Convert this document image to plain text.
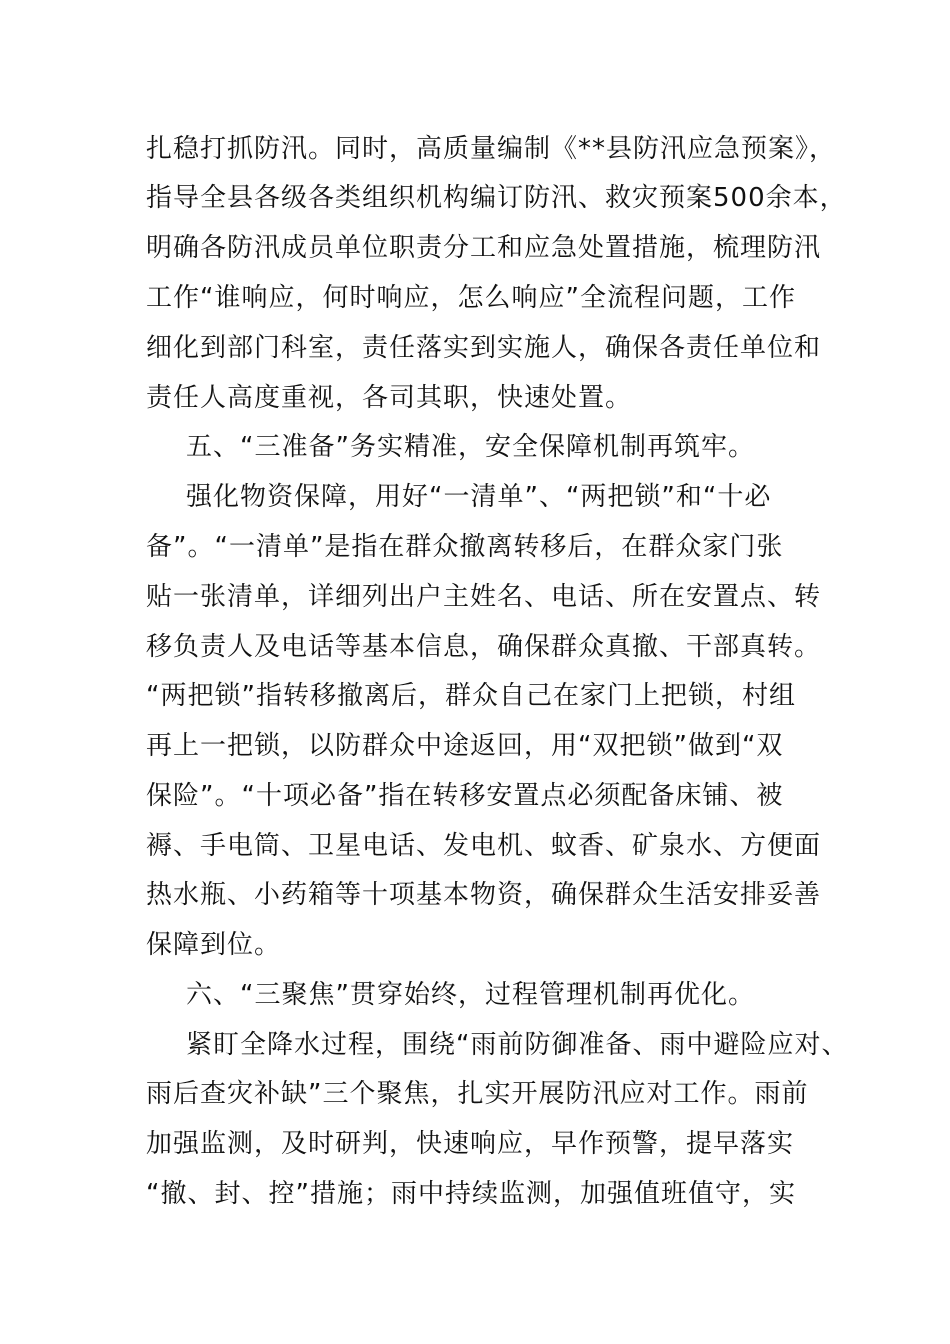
扎稳打抓防汛。同时，高质量编制《**县防汛应急预案》，
指导全县各级各类组织机构编订防汛、救灾预案500余本，
明确各防汛成员单位职责分工和应急处置措施，梳理防汛
工作“谁响应，何时响应，怎么响应”全流程问题，工作
细化到部门科室，责任落实到实施人，确保各责任单位和
责任人高度重视，各司其职，快速处置。
五、“三准备”务实精准，安全保障机制再筑牢。
强化物资保障，用好“一清单”、“两把锁”和“十必
备”。“一清单”是指在群众撤离转移后，在群众家门张
贴一张清单，详细列出户主姓名、电话、所在安置点、转
移负责人及电话等基本信息，确保群众真撤、干部真转。
“两把锁”指转移撤离后，群众自己在家门上把锁，村组
再上一把锁，以防群众中途返回，用“双把锁”做到“双
保险”。“十项必备”指在转移安置点必须配备床铺、被
褥、手电筒、卫星电话、发电机、蚊香、矿泉水、方便面
热水瓶、小药箱等十项基本物资，确保群众生活安排妥善
保障到位。
六、“三聚焦”贯穿始终，过程管理机制再优化。
紧盯全降水过程，围绕“雨前防御准备、雨中避险应对、
雨后查灾补缺”三个聚焦，扎实开展防汛应对工作。雨前
加强监测，及时研判，快速响应，早作预警，提早落实
“撤、封、控”措施；雨中持续监测，加强值班值守，实
